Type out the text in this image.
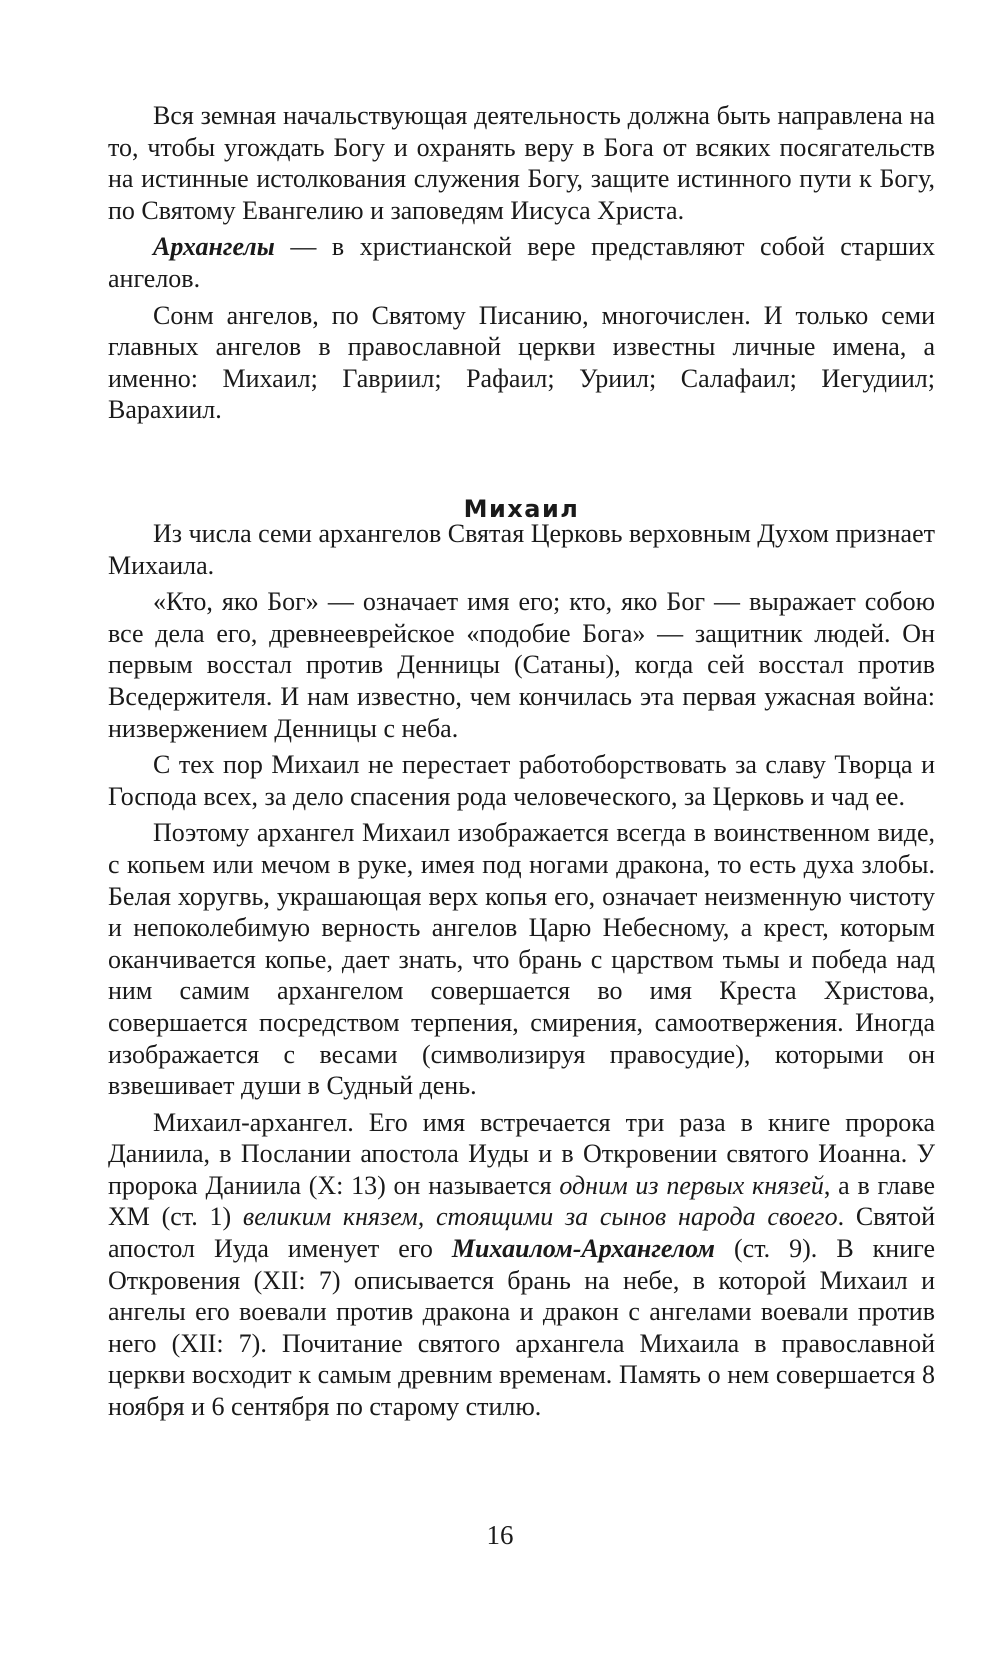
Вся земная начальствующая деятельность должна быть направлена на то, чтобы угождать Богу и охранять веру в Бога от всяких посягательств на истинные истолкования служения Богу, защите истинного пути к Богу, по Святому Евангелию и заповедям Иисуса Христа.

Архангелы — в христианской вере представляют собой старших ангелов.

Сонм ангелов, по Святому Писанию, многочислен. И только семи главных ангелов в православной церкви известны личные имена, а именно: Михаил; Гавриил; Рафаил; Уриил; Салафаил; Иегудиил; Варахиил.

Михаил

Из числа семи архангелов Святая Церковь верховным Духом признает Михаила.

«Кто, яко Бог» — означает имя его; кто, яко Бог — выражает собою все дела его, древнееврейское «подобие Бога» — защитник людей. Он первым восстал против Денницы (Сатаны), когда сей восстал против Вседержителя. И нам известно, чем кончилась эта первая ужасная война: низвержением Денницы с неба.

С тех пор Михаил не перестает работоборствовать за славу Творца и Господа всех, за дело спасения рода человеческого, за Церковь и чад ее.

Поэтому архангел Михаил изображается всегда в воинственном виде, с копьем или мечом в руке, имея под ногами дракона, то есть духа злобы. Белая хоругвь, украшающая верх копья его, означает неизменную чистоту и непоколебимую верность ангелов Царю Небесному, а крест, которым оканчивается копье, дает знать, что брань с царством тьмы и победа над ним самим архангелом совершается во имя Креста Христова, совершается посредством терпения, смирения, самоотвержения. Иногда изображается с весами (символизируя правосудие), которыми он взвешивает души в Судный день.

Михаил-архангел. Его имя встречается три раза в книге пророка Даниила, в Послании апостола Иуды и в Откровении святого Иоанна. У пророка Даниила (X: 13) он называется одним из первых князей, а в главе ХМ (ст. 1) великим князем, стоящими за сынов народа своего. Святой апостол Иуда именует его Михаилом-Архангелом (ст. 9). В книге Откровения (XII: 7) описывается брань на небе, в которой Михаил и ангелы его воевали против дракона и дракон с ангелами воевали против него (XII: 7). Почитание святого архангела Михаила в православной церкви восходит к самым древним временам. Память о нем совершается 8 ноября и 6 сентября по старому стилю.

16
